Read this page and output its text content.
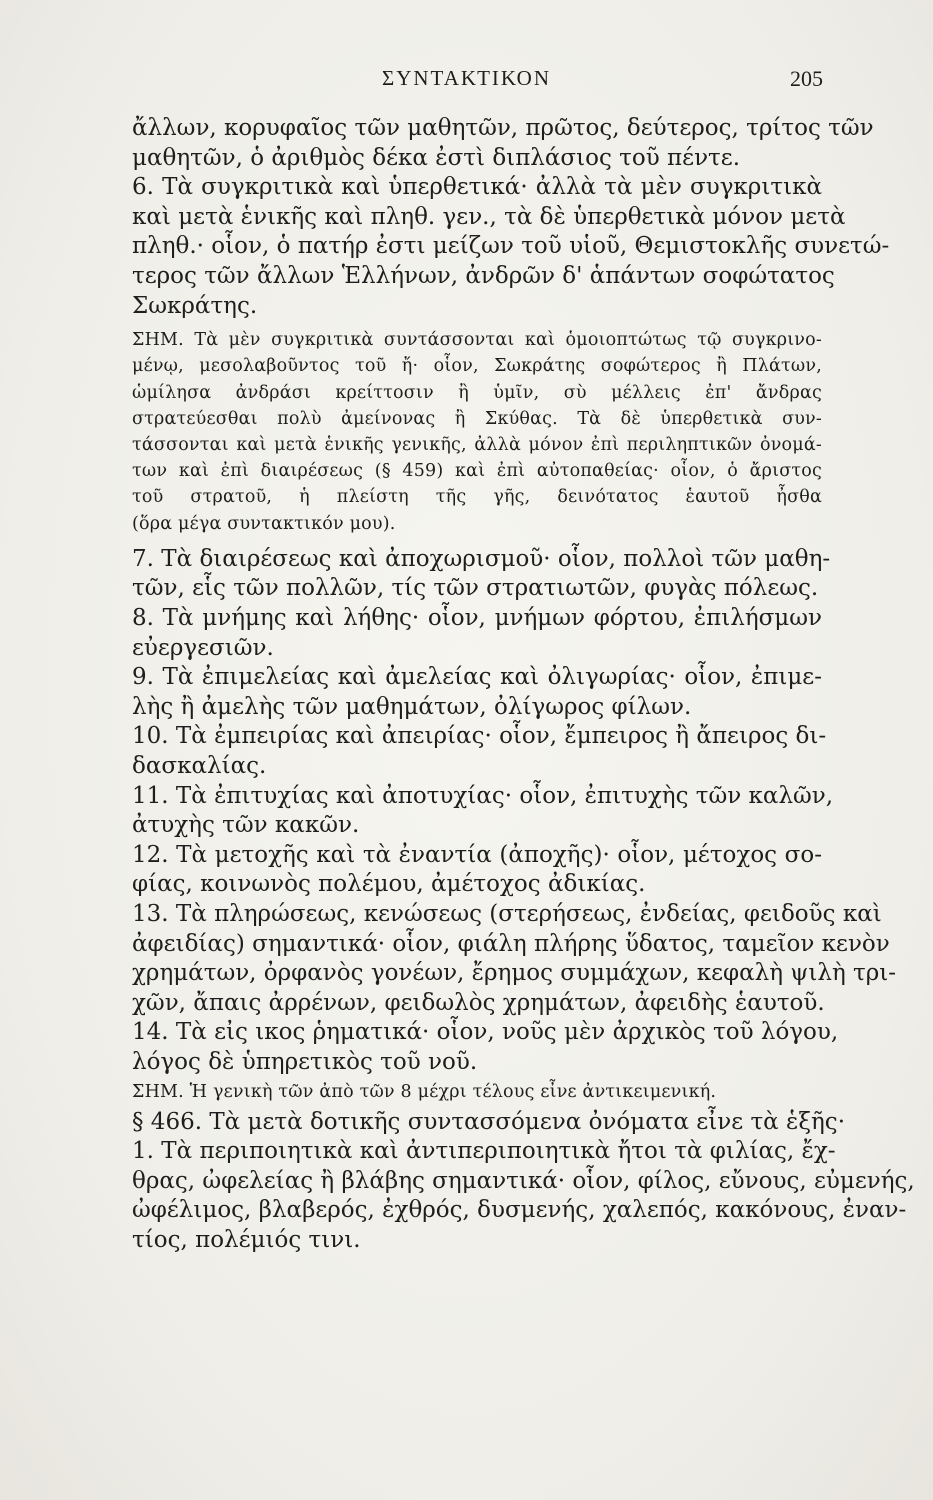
ΣΥΝΤΑΚΤΙΚΟΝ	205
ἄλλων, κορυφαῖος τῶν μαθητῶν, πρῶτος, δεύτερος, τρίτος τῶν
μαθητῶν, ὁ ἀριθμὸς δέκα ἐστὶ διπλάσιος τοῦ πέντε.
6. Τὰ συγκριτικὰ καὶ ὑπερθετικά· ἀλλὰ τὰ μὲν συγκριτικὰ
καὶ μετὰ ἑνικῆς καὶ πληθ. γεν., τὰ δὲ ὑπερθετικὰ μόνον μετὰ
πληθ.· οἷον, ὁ πατήρ ἐστι μείζων τοῦ υἱοῦ, Θεμιστοκλῆς συνετώ-
τερος τῶν ἄλλων Ἑλλήνων, ἀνδρῶν δ' ἁπάντων σοφώτατος
Σωκράτης.
ΣΗΜ. Τὰ μὲν συγκριτικὰ συντάσσονται καὶ ὁμοιοπτώτως τῷ συγκρινο-
μένῳ, μεσολαβοῦντος τοῦ ἤ· οἷον, Σωκράτης σοφώτερος ἢ Πλάτων,
ὡμίλησα ἀνδράσι κρείττοσιν ἢ ὑμῖν, σὺ μέλλεις ἐπ' ἄνδρας
στρατεύεσθαι πολὺ ἀμείνονας ἢ Σκύθας. Τὰ δὲ ὑπερθετικὰ συν-
τάσσονται καὶ μετὰ ἑνικῆς γενικῆς, ἀλλὰ μόνον ἐπὶ περιληπτικῶν ὀνομά-
των καὶ ἐπὶ διαιρέσεως (§ 459) καὶ ἐπὶ αὐτοπαθείας· οἷον, ὁ ἄριστος
τοῦ στρατοῦ, ἡ πλείστη τῆς γῆς, δεινότατος ἑαυτοῦ ἦσθα
(ὅρα μέγα συντακτικόν μου).
7. Τὰ διαιρέσεως καὶ ἀποχωρισμοῦ· οἷον, πολλοὶ τῶν μαθη-
τῶν, εἷς τῶν πολλῶν, τίς τῶν στρατιωτῶν, φυγὰς πόλεως.
8. Τὰ μνήμης καὶ λήθης· οἷον, μνήμων φόρτου, ἐπιλήσμων
εὐεργεσιῶν.
9. Τὰ ἐπιμελείας καὶ ἀμελείας καὶ ὀλιγωρίας· οἷον, ἐπιμε-
λὴς ἢ ἀμελὴς τῶν μαθημάτων, ὀλίγωρος φίλων.
10. Τὰ ἐμπειρίας καὶ ἀπειρίας· οἷον, ἔμπειρος ἢ ἄπειρος δι-
δασκαλίας.
11. Τὰ ἐπιτυχίας καὶ ἀποτυχίας· οἷον, ἐπιτυχὴς τῶν καλῶν,
ἀτυχὴς τῶν κακῶν.
12. Τὰ μετοχῆς καὶ τὰ ἐναντία (ἀποχῆς)· οἷον, μέτοχος σο-
φίας, κοινωνὸς πολέμου, ἀμέτοχος ἀδικίας.
13. Τὰ πληρώσεως, κενώσεως (στερήσεως, ἐνδείας, φειδοῦς καὶ
ἀφειδίας) σημαντικά· οἷον, φιάλη πλήρης ὕδατος, ταμεῖον κενὸν
χρημάτων, ὀρφανὸς γονέων, ἔρημος συμμάχων, κεφαλὴ ψιλὴ τρι-
χῶν, ἄπαις ἀρρένων, φειδωλὸς χρημάτων, ἀφειδὴς ἑαυτοῦ.
14. Τὰ εἰς ικος ῥηματικά· οἷον, νοῦς μὲν ἀρχικὸς τοῦ λόγου,
λόγος δὲ ὑπηρετικὸς τοῦ νοῦ.
ΣΗΜ. Ἡ γενικὴ τῶν ἀπὸ τῶν 8 μέχρι τέλους εἶνε ἀντικειμενική.
§ 466. Τὰ μετὰ δοτικῆς συντασσόμενα ὀνόματα εἶνε τὰ ἑξῆς·
1. Τὰ περιποιητικὰ καὶ ἀντιπεριποιητικὰ ἤτοι τὰ φιλίας, ἔχ-
θρας, ὠφελείας ἢ βλάβης σημαντικά· οἷον, φίλος, εὔνους, εὐμενής,
ὠφέλιμος, βλαβερός, ἐχθρός, δυσμενής, χαλεπός, κακόνους, ἐναν-
τίος, πολέμιός τινι.
